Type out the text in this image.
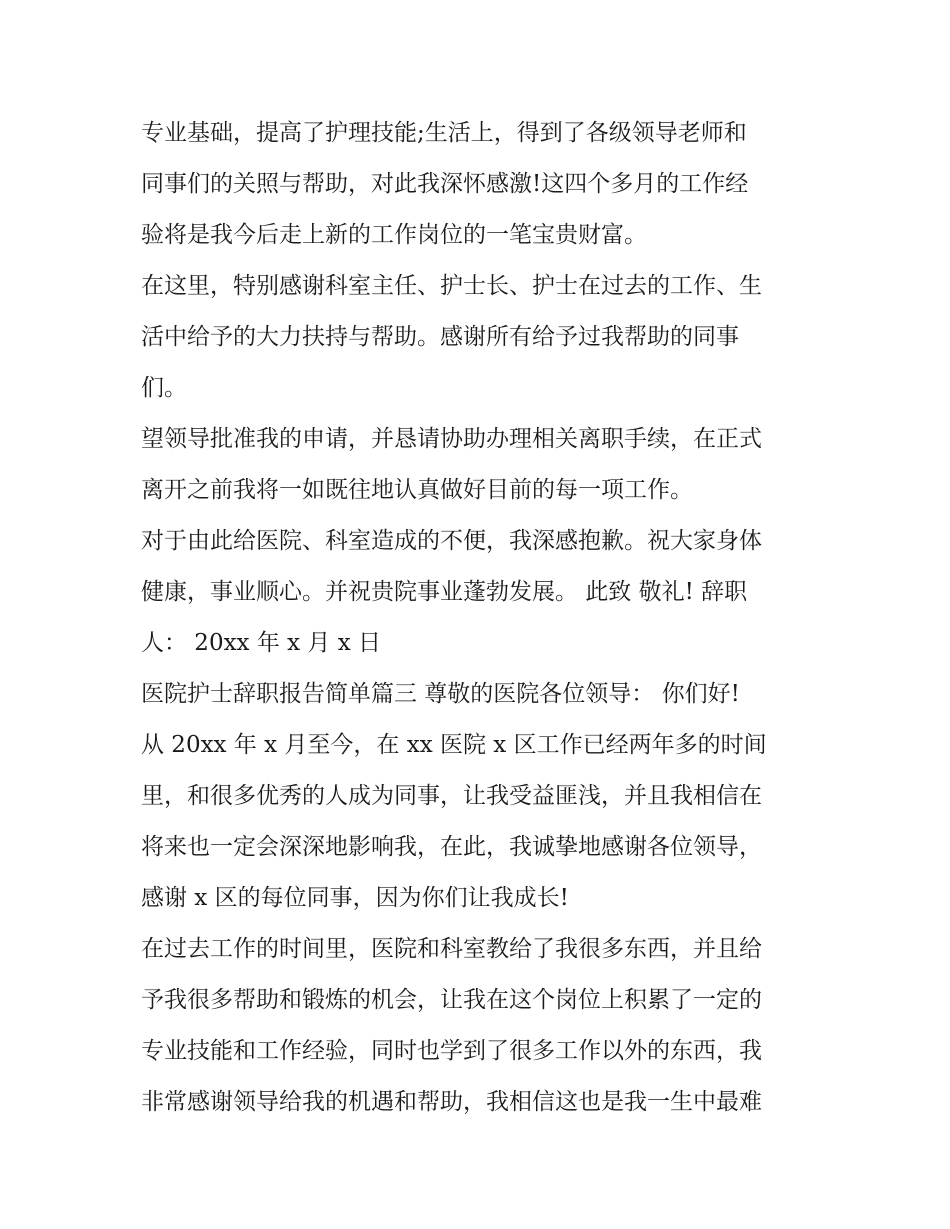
专业基础，提高了护理技能;生活上，得到了各级领导老师和
同事们的关照与帮助，对此我深怀感激!这四个多月的工作经
验将是我今后走上新的工作岗位的一笔宝贵财富。

在这里，特别感谢科室主任、护士长、护士在过去的工作、生
活中给予的大力扶持与帮助。感谢所有给予过我帮助的同事
们。

望领导批准我的申请，并恳请协助办理相关离职手续，在正式
离开之前我将一如既往地认真做好目前的每一项工作。

对于由此给医院、科室造成的不便，我深感抱歉。祝大家身体
健康，事业顺心。并祝贵院事业蓬勃发展。 此致 敬礼! 辞职
人： 20xx 年 x 月 x 日

医院护士辞职报告简单篇三 尊敬的医院各位领导： 你们好!

从 20xx 年 x 月至今，在 xx 医院 x 区工作已经两年多的时间
里，和很多优秀的人成为同事，让我受益匪浅，并且我相信在
将来也一定会深深地影响我，在此，我诚挚地感谢各位领导，
感谢 x 区的每位同事，因为你们让我成长!

在过去工作的时间里，医院和科室教给了我很多东西，并且给
予我很多帮助和锻炼的机会，让我在这个岗位上积累了一定的
专业技能和工作经验，同时也学到了很多工作以外的东西，我
非常感谢领导给我的机遇和帮助，我相信这也是我一生中最难
